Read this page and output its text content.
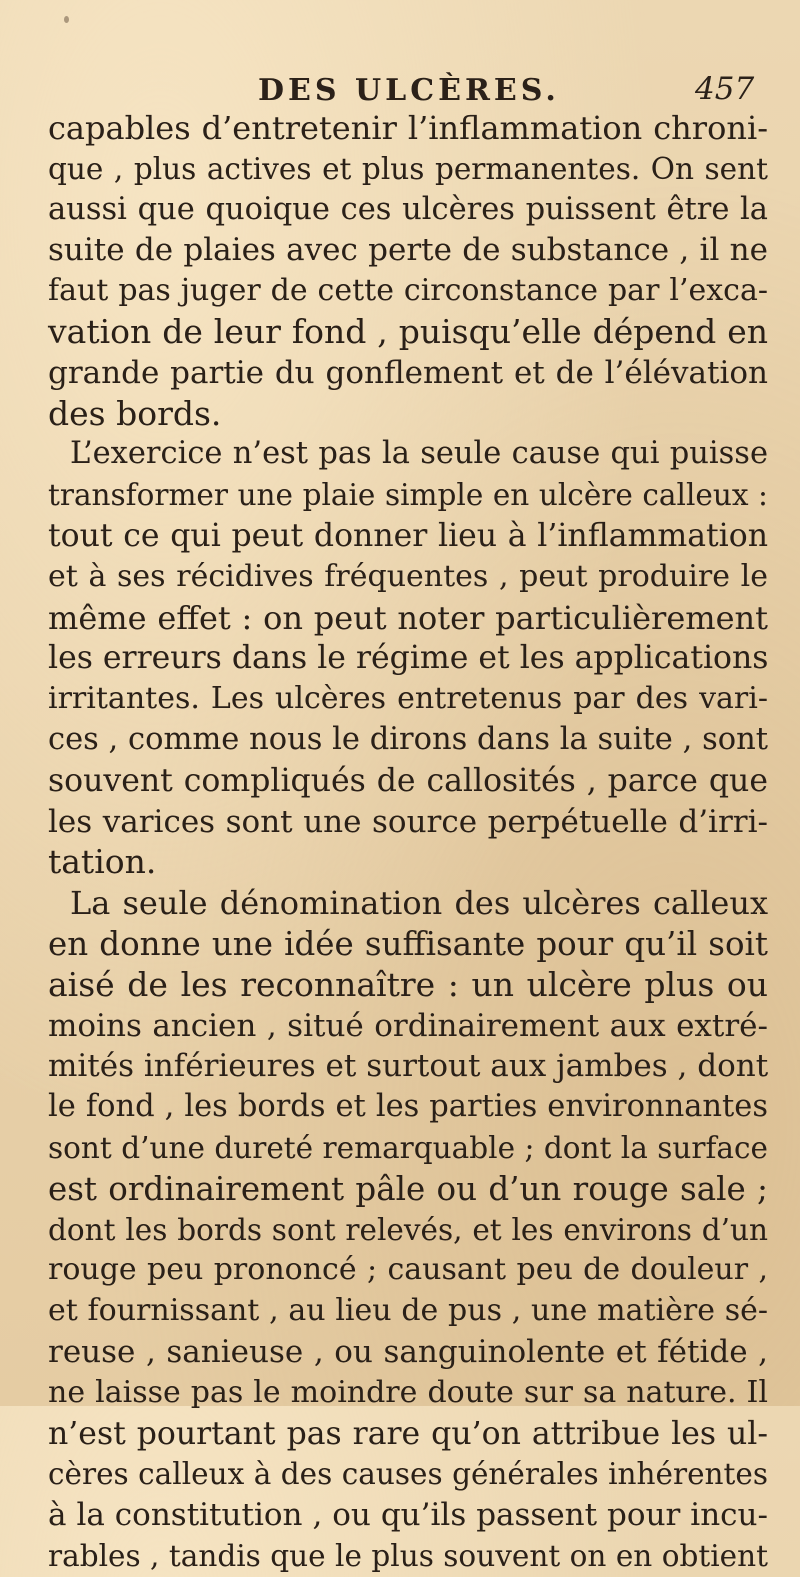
DES ULCÈRES.	457
capables d’entretenir l’inflammation chroni-
que , plus actives et plus permanentes. On sent
aussi que quoique ces ulcères puissent être la
suite de plaies avec perte de substance , il ne
faut pas juger de cette circonstance par l’exca-
vation de leur fond , puisqu’elle dépend en
grande partie du gonflement et de l’élévation
des bords.
L’exercice n’est pas la seule cause qui puisse
transformer une plaie simple en ulcère calleux :
tout ce qui peut donner lieu à l’inflammation
et à ses récidives fréquentes , peut produire le
même effet : on peut noter particulièrement
les erreurs dans le régime et les applications
irritantes. Les ulcères entretenus par des vari-
ces , comme nous le dirons dans la suite , sont
souvent compliqués de callosités , parce que
les varices sont une source perpétuelle d’irri-
tation.
La seule dénomination des ulcères calleux
en donne une idée suffisante pour qu’il soit
aisé de les reconnaître : un ulcère plus ou
moins ancien , situé ordinairement aux extré-
mités inférieures et surtout aux jambes , dont
le fond , les bords et les parties environnantes
sont d’une dureté remarquable ; dont la surface
est ordinairement pâle ou d’un rouge sale ;
dont les bords sont relevés, et les environs d’un
rouge peu prononcé ; causant peu de douleur ,
et fournissant , au lieu de pus , une matière sé-
reuse , sanieuse , ou sanguinolente et fétide ,
ne laisse pas le moindre doute sur sa nature. Il
n’est pourtant pas rare qu’on attribue les ul-
cères calleux à des causes générales inhérentes
à la constitution , ou qu’ils passent pour incu-
rables , tandis que le plus souvent on en obtient
